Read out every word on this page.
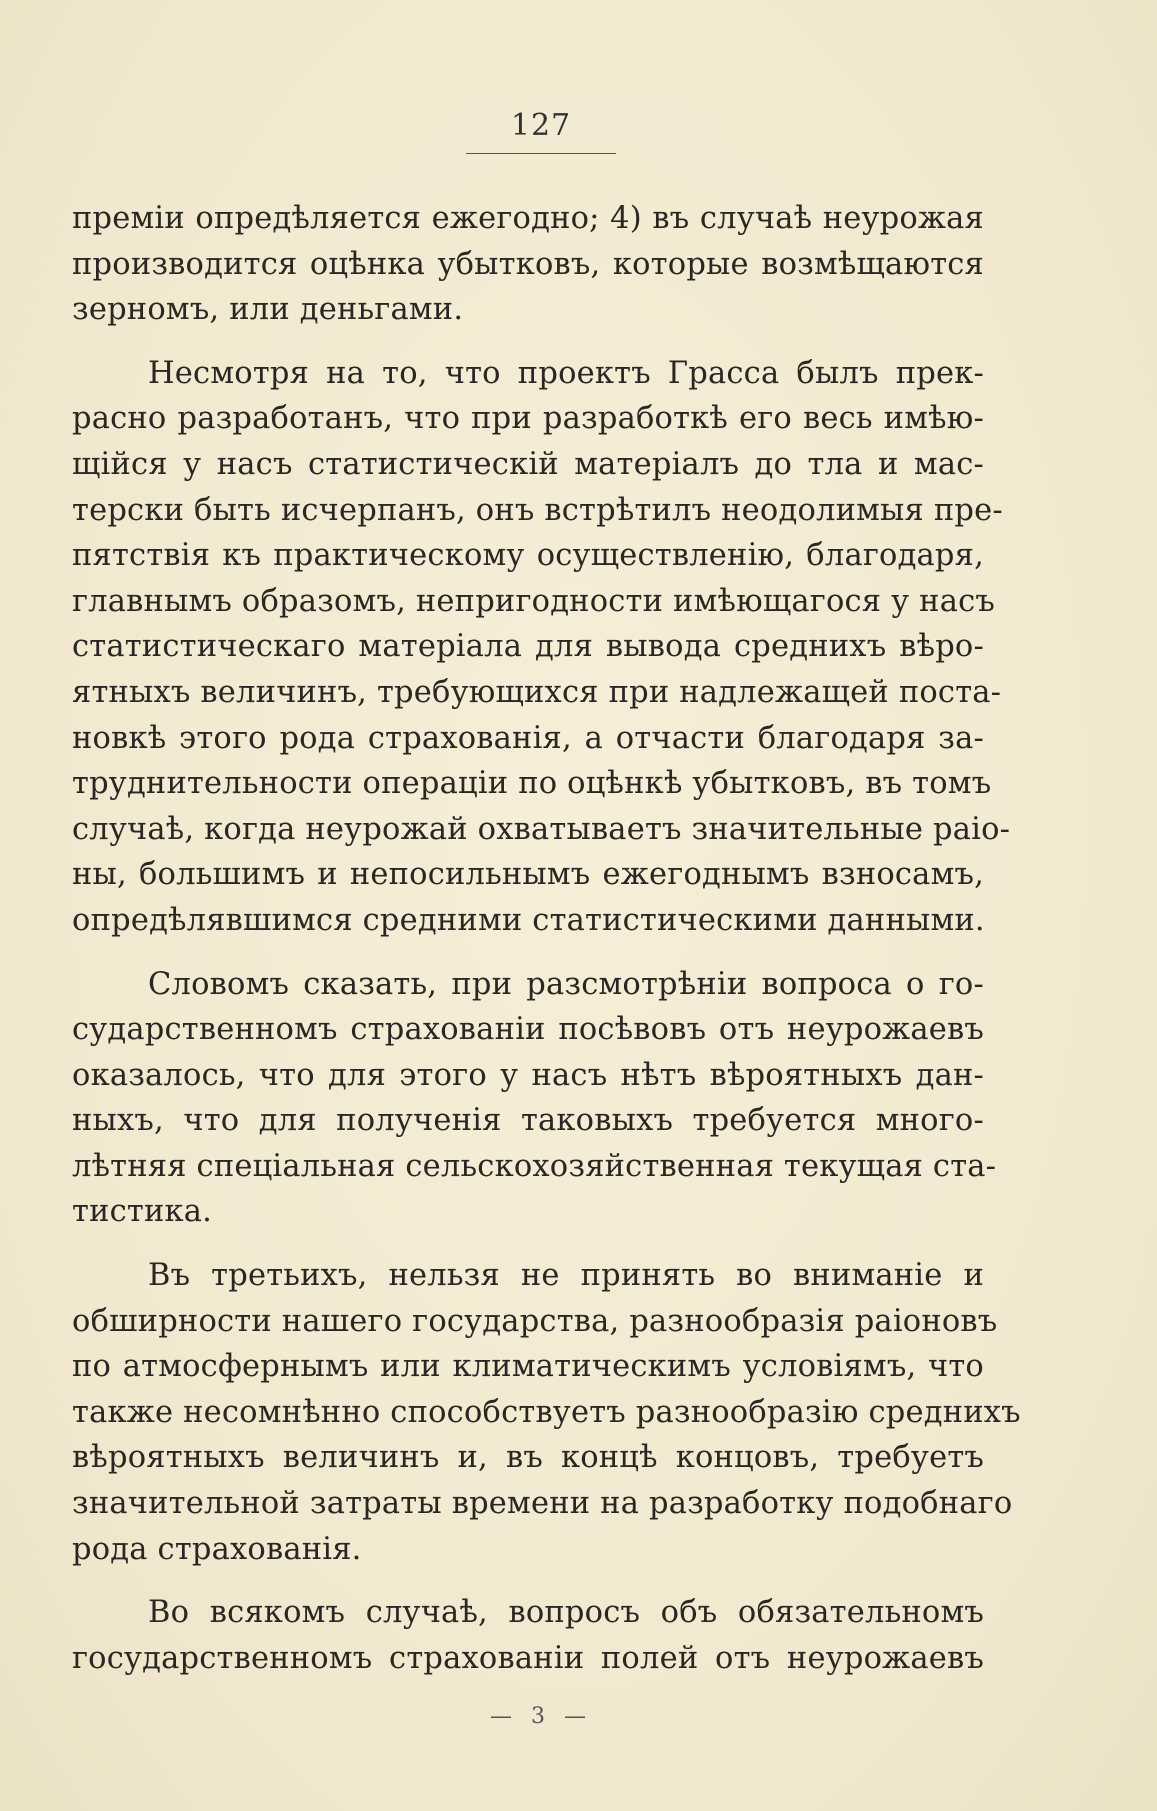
127

преміи опредѣляется ежегодно; 4) въ случаѣ неурожая
производится оцѣнка убытковъ, которые возмѣщаются
зерномъ, или деньгами.

Несмотря на то, что проектъ Грасса былъ прек-
расно разработанъ, что при разработкѣ его весь имѣю-
щійся у насъ статистическій матеріалъ до тла и мас-
терски быть исчерпанъ, онъ встрѣтилъ неодолимыя пре-
пятствія къ практическому осуществленію, благодаря,
главнымъ образомъ, непригодности имѣющагося у насъ
статистическаго матеріала для вывода среднихъ вѣро-
ятныхъ величинъ, требующихся при надлежащей поста-
новкѣ этого рода страхованія, а отчасти благодаря за-
труднительности операціи по оцѣнкѣ убытковъ, въ томъ
случаѣ, когда неурожай охватываетъ значительные раіо-
ны, большимъ и непосильнымъ ежегоднымъ взносамъ,
опредѣлявшимся средними статистическими данными.

Словомъ сказать, при разсмотрѣніи вопроса о го-
сударственномъ страхованіи посѣвовъ отъ неурожаевъ
оказалось, что для этого у насъ нѣтъ вѣроятныхъ дан-
ныхъ, что для полученія таковыхъ требуется много-
лѣтняя спеціальная сельскохозяйственная текущая ста-
тистика.

Въ третьихъ, нельзя не принять во вниманіе и
обширности нашего государства, разнообразія раіоновъ
по атмосфернымъ или климатическимъ условіямъ, что
также несомнѣнно способствуетъ разнообразію среднихъ
вѣроятныхъ величинъ и, въ концѣ концовъ, требуетъ
значительной затраты времени на разработку подобнаго
рода страхованія.

Во всякомъ случаѣ, вопросъ объ обязательномъ
государственномъ страхованіи полей отъ неурожаевъ

— 3 —
